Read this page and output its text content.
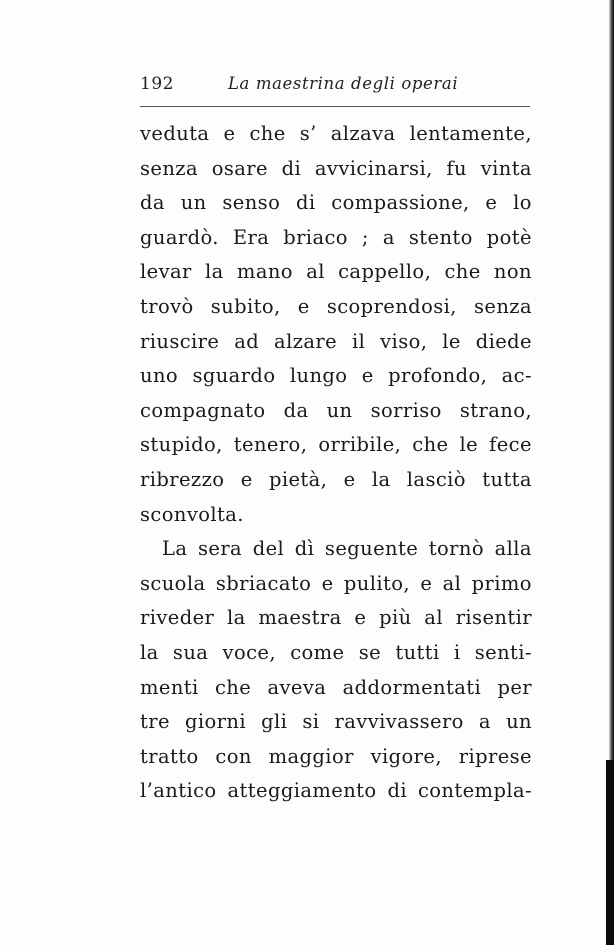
192	La maestrina degli operai
veduta e che s’ alzava lentamente,
senza osare di avvicinarsi, fu vinta
da un senso di compassione, e lo
guardò. Era briaco ; a stento potè
levar la mano al cappello, che non
trovò subito, e scoprendosi, senza
riuscire ad alzare il viso, le diede
uno sguardo lungo e profondo, ac-
compagnato da un sorriso strano,
stupido, tenero, orribile, che le fece
ribrezzo e pietà, e la lasciò tutta
sconvolta.
La sera del dì seguente tornò alla
scuola sbriacato e pulito, e al primo
riveder la maestra e più al risentir
la sua voce, come se tutti i senti-
menti che aveva addormentati per
tre giorni gli si ravvivassero a un
tratto con maggior vigore, riprese
l’antico atteggiamento di contempla-
